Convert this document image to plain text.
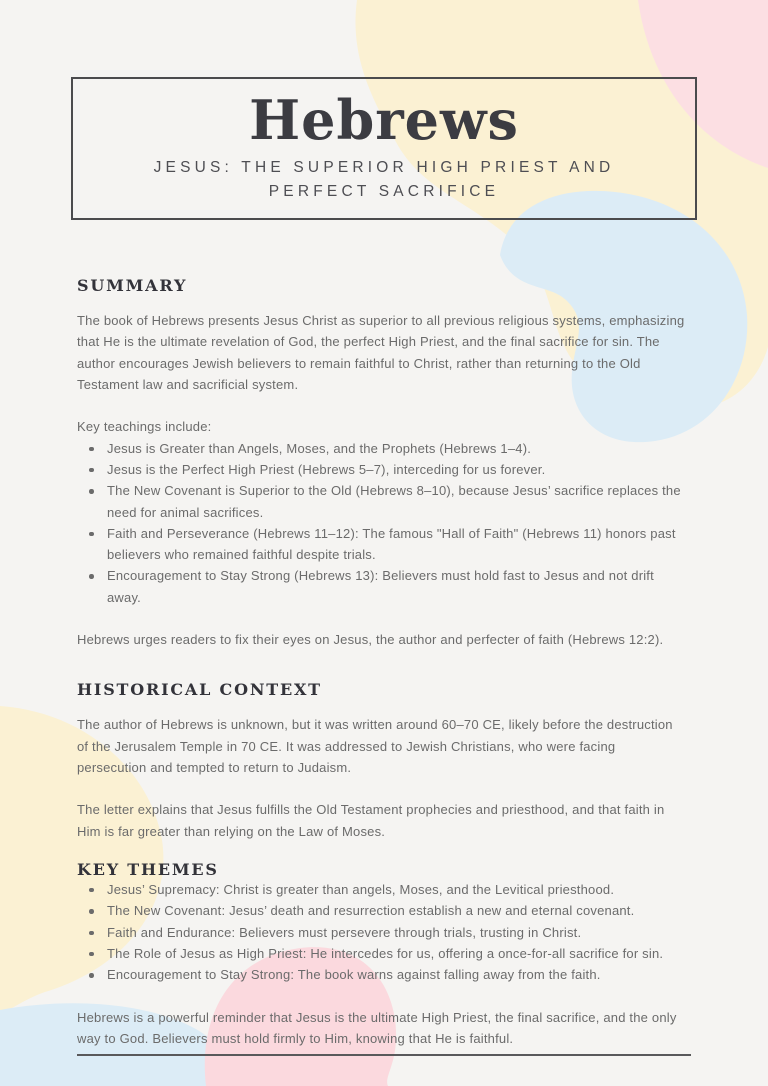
Hebrews
JESUS: THE SUPERIOR HIGH PRIEST AND PERFECT SACRIFICE
SUMMARY

The book of Hebrews presents Jesus Christ as superior to all previous religious systems, emphasizing that He is the ultimate revelation of God, the perfect High Priest, and the final sacrifice for sin. The author encourages Jewish believers to remain faithful to Christ, rather than returning to the Old Testament law and sacrificial system.

Key teachings include:

Jesus is Greater than Angels, Moses, and the Prophets (Hebrews 1–4).
Jesus is the Perfect High Priest (Hebrews 5–7), interceding for us forever.
The New Covenant is Superior to the Old (Hebrews 8–10), because Jesus’ sacrifice replaces the need for animal sacrifices.
Faith and Perseverance (Hebrews 11–12): The famous "Hall of Faith" (Hebrews 11) honors past believers who remained faithful despite trials.
Encouragement to Stay Strong (Hebrews 13): Believers must hold fast to Jesus and not drift away.

Hebrews urges readers to fix their eyes on Jesus, the author and perfecter of faith (Hebrews 12:2).

HISTORICAL CONTEXT

The author of Hebrews is unknown, but it was written around 60–70 CE, likely before the destruction of the Jerusalem Temple in 70 CE. It was addressed to Jewish Christians, who were facing persecution and tempted to return to Judaism.

The letter explains that Jesus fulfills the Old Testament prophecies and priesthood, and that faith in Him is far greater than relying on the Law of Moses.

KEY THEMES
Jesus’ Supremacy: Christ is greater than angels, Moses, and the Levitical priesthood.
The New Covenant: Jesus’ death and resurrection establish a new and eternal covenant.
Faith and Endurance: Believers must persevere through trials, trusting in Christ.
The Role of Jesus as High Priest: He intercedes for us, offering a once-for-all sacrifice for sin.
Encouragement to Stay Strong: The book warns against falling away from the faith.

Hebrews is a powerful reminder that Jesus is the ultimate High Priest, the final sacrifice, and the only way to God. Believers must hold firmly to Him, knowing that He is faithful.
